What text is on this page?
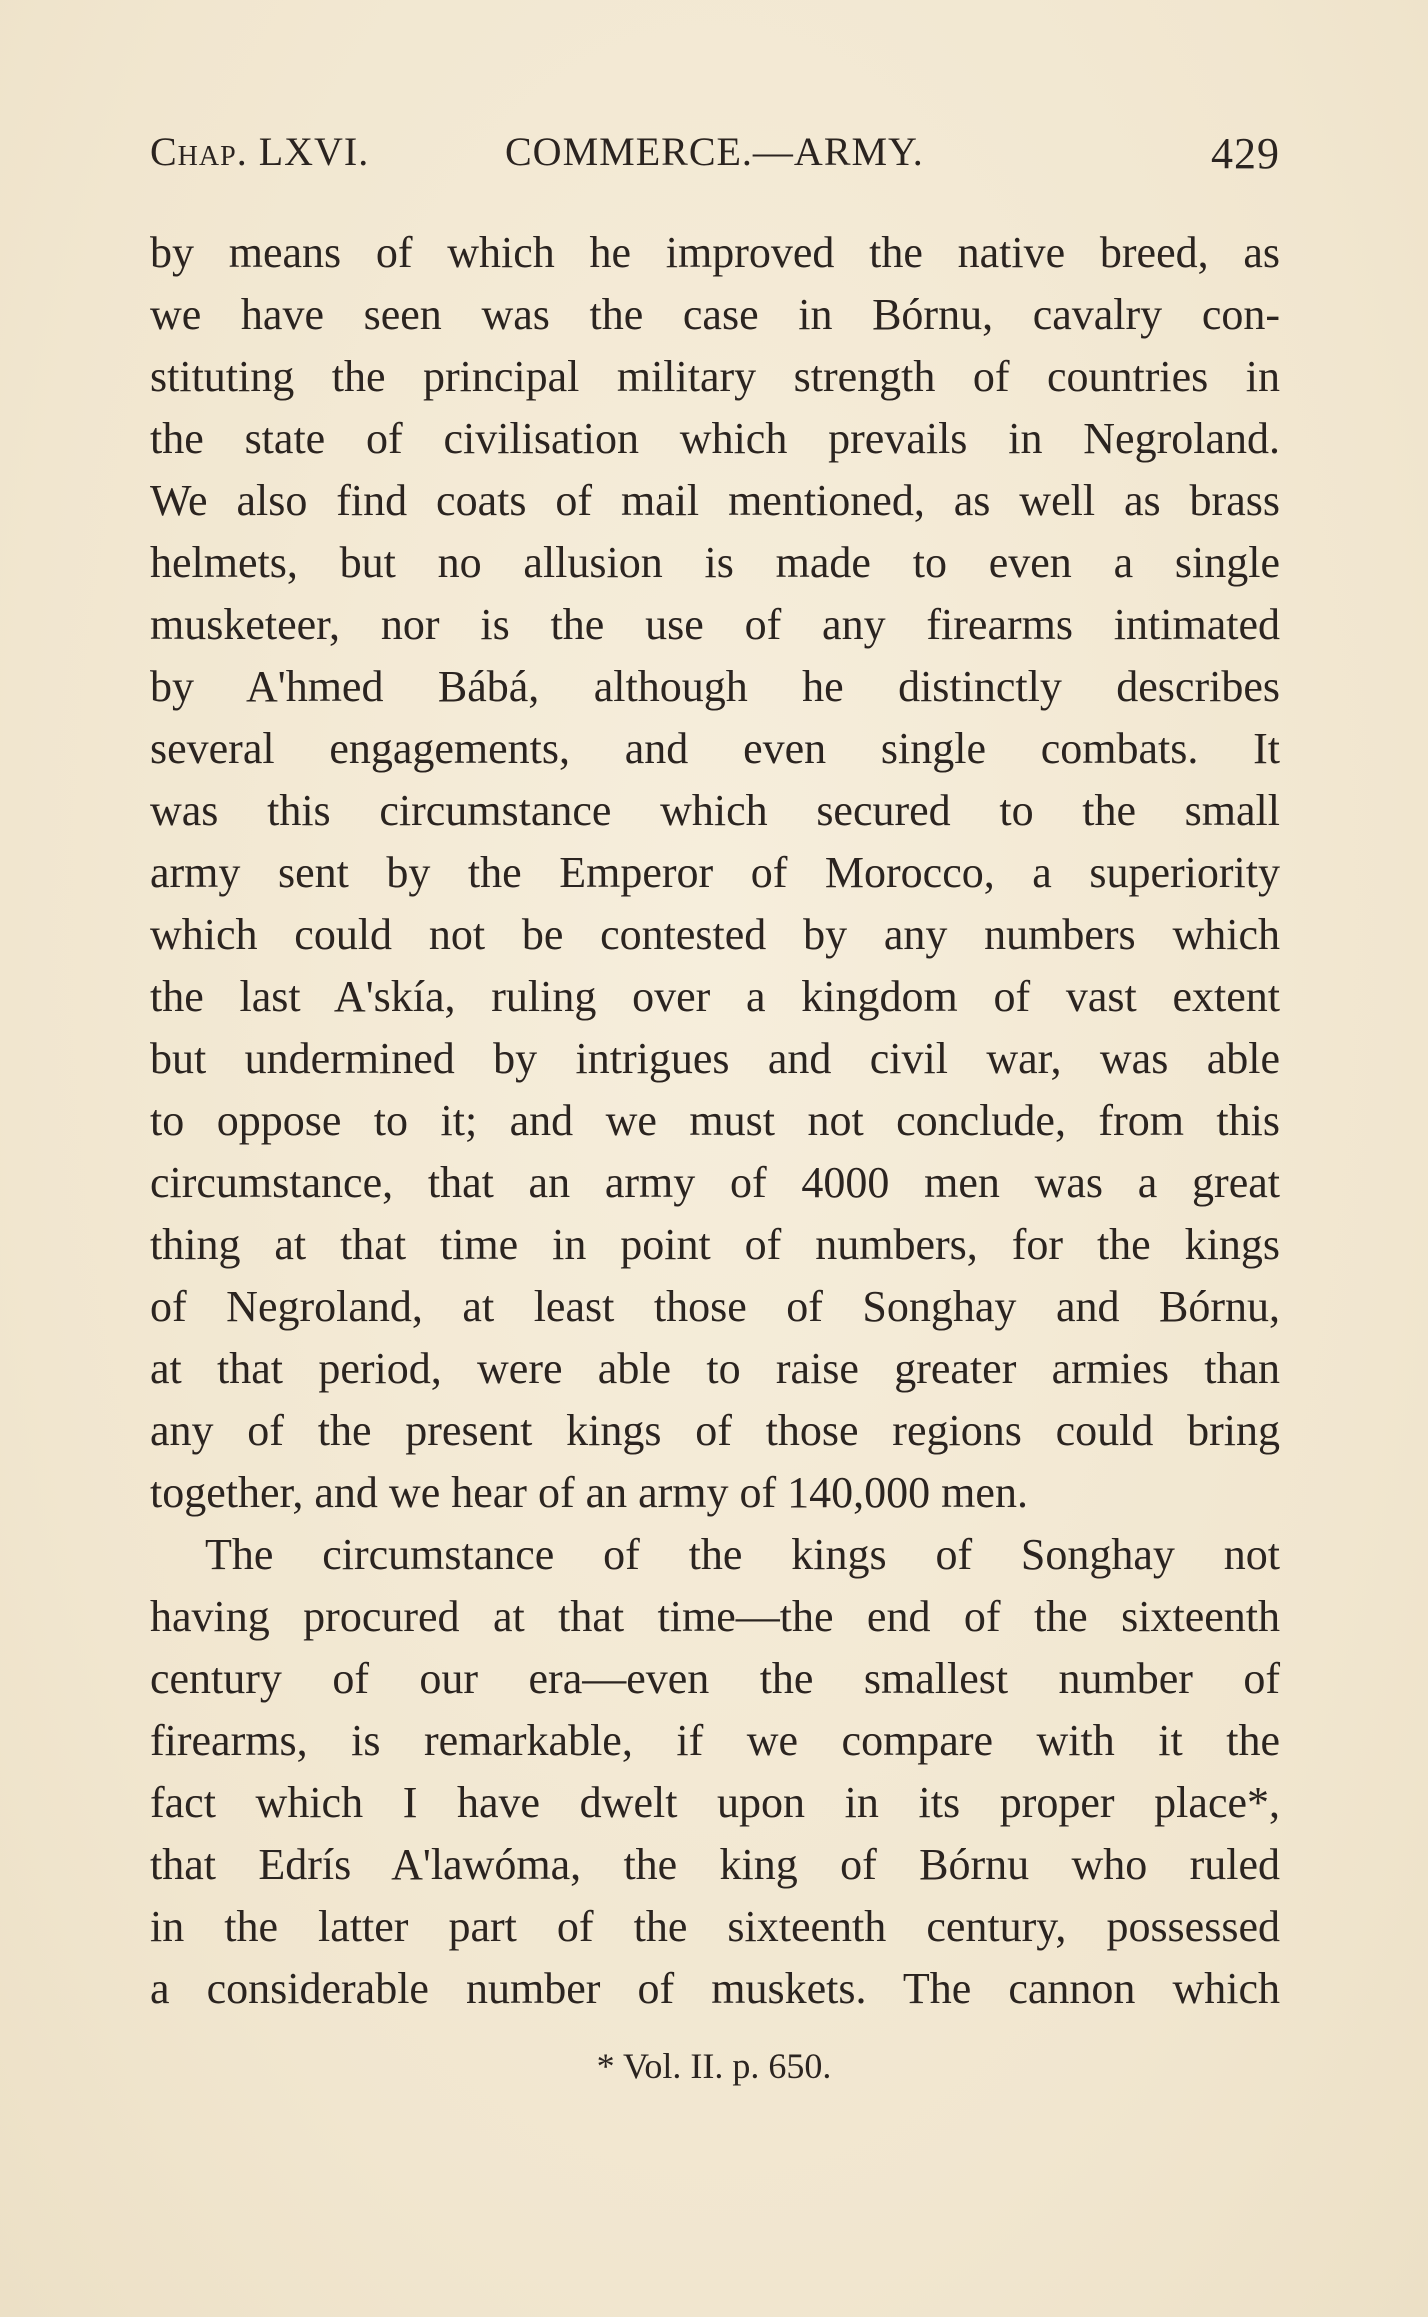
Chap. LXVI.	COMMERCE.—ARMY.	429
by means of which he improved the native breed, as
we have seen was the case in Bórnu, cavalry con-
stituting the principal military strength of countries in
the state of civilisation which prevails in Negroland.
We also find coats of mail mentioned, as well as brass
helmets, but no allusion is made to even a single
musketeer, nor is the use of any firearms intimated
by A'hmed Bábá, although he distinctly describes
several engagements, and even single combats. It
was this circumstance which secured to the small
army sent by the Emperor of Morocco, a superiority
which could not be contested by any numbers which
the last A'skía, ruling over a kingdom of vast extent
but undermined by intrigues and civil war, was able
to oppose to it; and we must not conclude, from this
circumstance, that an army of 4000 men was a great
thing at that time in point of numbers, for the kings
of Negroland, at least those of Songhay and Bórnu,
at that period, were able to raise greater armies than
any of the present kings of those regions could bring
together, and we hear of an army of 140,000 men.
The circumstance of the kings of Songhay not
having procured at that time—the end of the sixteenth
century of our era—even the smallest number of
firearms, is remarkable, if we compare with it the
fact which I have dwelt upon in its proper place*,
that Edrís A'lawóma, the king of Bórnu who ruled
in the latter part of the sixteenth century, possessed
a considerable number of muskets. The cannon which
* Vol. II. p. 650.
